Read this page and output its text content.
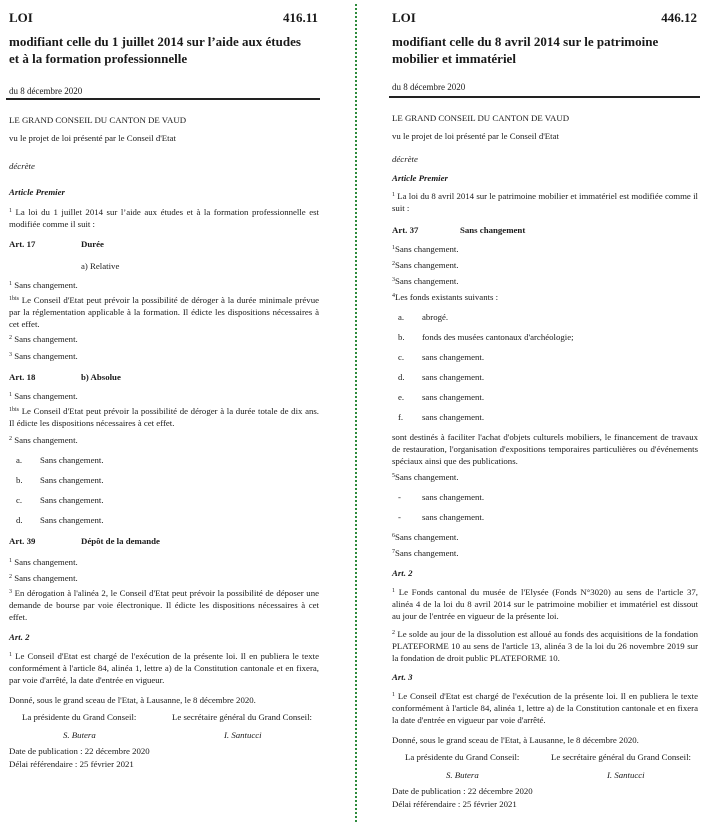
LOI	416.11
modifiant celle du 1 juillet 2014 sur l’aide aux études et à la formation professionnelle
du 8 décembre 2020
LE GRAND CONSEIL DU CANTON DE VAUD
vu le projet de loi présenté par le Conseil d'Etat
décrète
Article Premier
$^1$ La loi du 1 juillet 2014 sur l’aide aux études et à la formation professionnelle est modifiée comme il suit :
Art. 17	Durée
a) Relative
$^1$ Sans changement.
$^{1bis}$ Le Conseil d'Etat peut prévoir la possibilité de déroger à la durée minimale prévue par la réglementation applicable à la formation. Il édicte les dispositions nécessaires à cet effet.
$^2$ Sans changement.
$^3$ Sans changement.
Art. 18	b) Absolue
$^1$ Sans changement.
$^{1bis}$ Le Conseil d'Etat peut prévoir la possibilité de déroger à la durée totale de dix ans. Il édicte les dispositions nécessaires à cet effet.
$^2$ Sans changement.
a. Sans changement.
b. Sans changement.
c. Sans changement.
d. Sans changement.
Art. 39	Dépôt de la demande
$^1$ Sans changement.
$^2$ Sans changement.
$^3$ En dérogation à l'alinéa 2, le Conseil d'Etat peut prévoir la possibilité de déposer une demande de bourse par voie électronique. Il édicte les dispositions nécessaires à cet effet.
Art. 2
$^1$ Le Conseil d'Etat est chargé de l'exécution de la présente loi. Il en publiera le texte conformément à l'article 84, alinéa 1, lettre a) de la Constitution cantonale et en fixera, par voie d'arrêté, la date d'entrée en vigueur.
Donné, sous le grand sceau de l'Etat, à Lausanne, le 8 décembre 2020.
La présidente du Grand Conseil:	Le secrétaire général du Grand Conseil:
S. Butera	I. Santucci
Date de publication : 22 décembre 2020
Délai référendaire : 25 février 2021
LOI	446.12
modifiant celle du 8 avril 2014 sur le patrimoine mobilier et immatériel
du 8 décembre 2020
LE GRAND CONSEIL DU CANTON DE VAUD
vu le projet de loi présenté par le Conseil d'Etat
décrète
Article Premier
$^1$ La loi du 8 avril 2014 sur le patrimoine mobilier et immatériel est modifiée comme il suit :
Art. 37	Sans changement
$^1$Sans changement.
$^2$Sans changement.
$^3$Sans changement.
$^4$Les fonds existants suivants :
a. abrogé.
b. fonds des musées cantonaux d'archéologie;
c. sans changement.
d. sans changement.
e. sans changement.
f. sans changement.
sont destinés à faciliter l'achat d'objets culturels mobiliers, le financement de travaux de restauration, l'organisation d'expositions temporaires particulières ou d'événements spéciaux ainsi que des publications.
$^5$Sans changement.
- sans changement.
- sans changement.
$^6$Sans changement.
$^7$Sans changement.
Art. 2
$^1$ Le Fonds cantonal du musée de l'Elysée (Fonds N°3020) au sens de l'article 37, alinéa 4 de la loi du 8 avril 2014 sur le patrimoine mobilier et immatériel est dissout au jour de l'entrée en vigueur de la présente loi.
$^2$ Le solde au jour de la dissolution est alloué au fonds des acquisitions de la fondation PLATEFORME 10 au sens de l'article 13, alinéa 3 de la loi du 26 novembre 2019 sur la fondation de droit public PLATEFORME 10.
Art. 3
$^1$ Le Conseil d'Etat est chargé de l'exécution de la présente loi. Il en publiera le texte conformément à l'article 84, alinéa 1, lettre a) de la Constitution cantonale et en fixera la date d'entrée en vigueur par voie d'arrêté.
Donné, sous le grand sceau de l'Etat, à Lausanne, le 8 décembre 2020.
La présidente du Grand Conseil:	Le secrétaire général du Grand Conseil:
S. Butera	I. Santucci
Date de publication : 22 décembre 2020
Délai référendaire : 25 février 2021
